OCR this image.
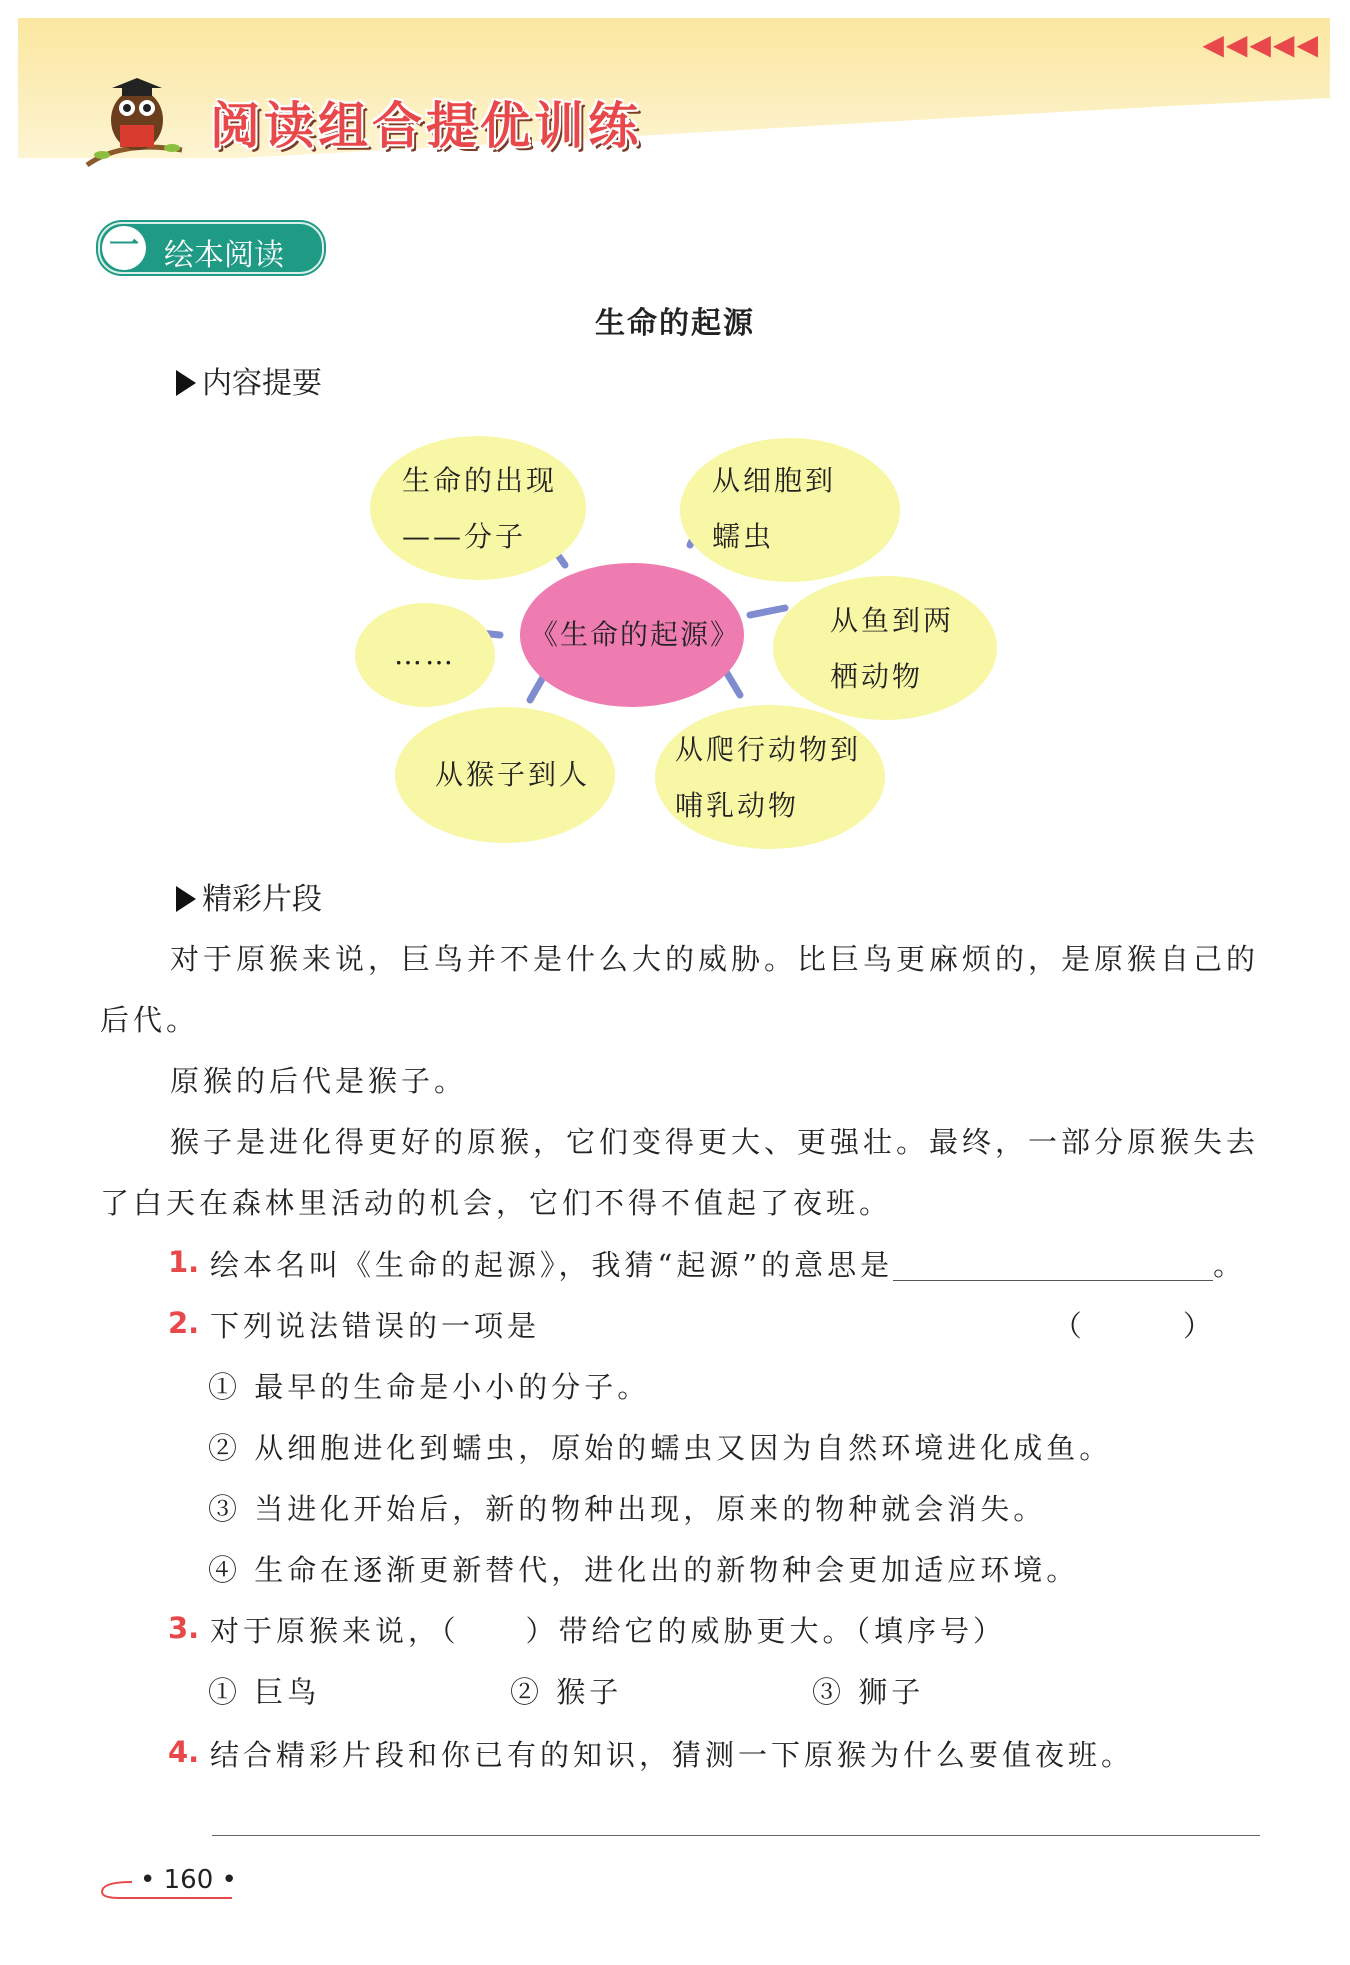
◀◀◀◀◀
阅读组合提优训练
一 绘本阅读
生命的起源
内容提要
生命的出现
——分子
从细胞到
蠕虫
从鱼到两
栖动物
从爬行动物到
哺乳动物
从猴子到人
……
《生命的起源》
精彩片段
对于原猴来说，巨鸟并不是什么大的威胁。比巨鸟更麻烦的，是原猴自己的后代。
原猴的后代是猴子。
猴子是进化得更好的原猴，它们变得更大、更强壮。最终，一部分原猴失去了白天在森林里活动的机会，它们不得不值起了夜班。
1. 绘本名叫《生命的起源》，我猜“起源”的意思是	。
2. 下列说法错误的一项是	（ ）
① 最早的生命是小小的分子。
② 从细胞进化到蠕虫，原始的蠕虫又因为自然环境进化成鱼。
③ 当进化开始后，新的物种出现，原来的物种就会消失。
④ 生命在逐渐更新替代，进化出的新物种会更加适应环境。
3. 对于原猴来说，（　　）带给它的威胁更大。（填序号）
① 巨鸟	② 猴子	③ 狮子
4. 结合精彩片段和你已有的知识，猜测一下原猴为什么要值夜班。
• 160 •
